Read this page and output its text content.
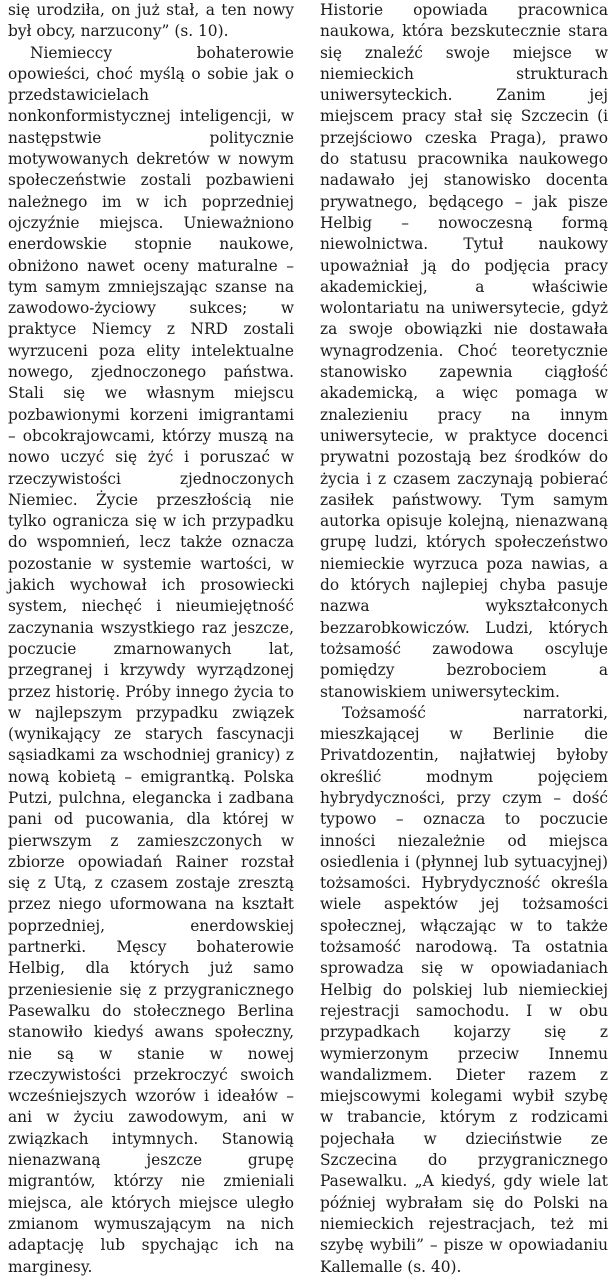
się urodziła, on już stał, a ten nowy był obcy, narzucony” (s. 10).

Niemieccy bohaterowie opowieści, choć myślą o sobie jak o przedstawicielach nonkonformistycznej inteligencji, w następstwie politycznie motywowanych dekretów w nowym społeczeństwie zostali pozbawieni należnego im w ich poprzedniej ojczyźnie miejsca. Unieważniono enerdowskie stopnie naukowe, obniżono nawet oceny maturalne – tym samym zmniejszając szanse na zawodowo-życiowy sukces; w praktyce Niemcy z NRD zostali wyrzuceni poza elity intelektualne nowego, zjednoczonego państwa. Stali się we własnym miejscu pozbawionymi korzeni imigrantami – obcokrajowcami, którzy muszą na nowo uczyć się żyć i poruszać w rzeczywistości zjednoczonych Niemiec. Życie przeszłością nie tylko ogranicza się w ich przypadku do wspomnień, lecz także oznacza pozostanie w systemie wartości, w jakich wychował ich prosowiecki system, niechęć i nieumiejętność zaczynania wszystkiego raz jeszcze, poczucie zmarnowanych lat, przegranej i krzywdy wyrządzonej przez historię. Próby innego życia to w najlepszym przypadku związek (wynikający ze starych fascynacji sąsiadkami za wschodniej granicy) z nową kobietą – emigrantką. Polska Putzi, pulchna, elegancka i zadbana pani od pucowania, dla której w pierwszym z zamieszczonych w zbiorze opowiadań Rainer rozstał się z Utą, z czasem zostaje zresztą przez niego uformowana na kształt poprzedniej, enerdowskiej partnerki. Męscy bohaterowie Helbig, dla których już samo przeniesienie się z przygranicznego Pasewalku do stołecznego Berlina stanowiło kiedyś awans społeczny, nie są w stanie w nowej rzeczywistości przekroczyć swoich wcześniejszych wzorów i ideałów – ani w życiu zawodowym, ani w związkach intymnych. Stanowią nienazwaną jeszcze grupę migrantów, którzy nie zmieniali miejsca, ale których miejsce uległo zmianom wymuszającym na nich adaptację lub spychając ich na marginesy.

Historie opowiada pracownica naukowa, która bezskutecznie stara się znaleźć swoje miejsce w niemieckich strukturach uniwersyteckich. Zanim jej miejscem pracy stał się Szczecin (i przejściowo czeska Praga), prawo do statusu pracownika naukowego nadawało jej stanowisko docenta prywatnego, będącego – jak pisze Helbig – nowoczesną formą niewolnictwa. Tytuł naukowy upoważniał ją do podjęcia pracy akademickiej, a właściwie wolontariatu na uniwersytecie, gdyż za swoje obowiązki nie dostawała wynagrodzenia. Choć teoretycznie stanowisko zapewnia ciągłość akademicką, a więc pomaga w znalezieniu pracy na innym uniwersytecie, w praktyce docenci prywatni pozostają bez środków do życia i z czasem zaczynają pobierać zasiłek państwowy. Tym samym autorka opisuje kolejną, nienazwaną grupę ludzi, których społeczeństwo niemieckie wyrzuca poza nawias, a do których najlepiej chyba pasuje nazwa wykształconych bezzarobkowiczów. Ludzi, których tożsamość zawodowa oscyluje pomiędzy bezrobociem a stanowiskiem uniwersyteckim.

Tożsamość narratorki, mieszkającej w Berlinie die Privatdozentin, najłatwiej byłoby określić modnym pojęciem hybrydyczności, przy czym – dość typowo – oznacza to poczucie inności niezależnie od miejsca osiedlenia i (płynnej lub sytuacyjnej) tożsamości. Hybrydyczność określa wiele aspektów jej tożsamości społecznej, włączając w to także tożsamość narodową. Ta ostatnia sprowadza się w opowiadaniach Helbig do polskiej lub niemieckiej rejestracji samochodu. I w obu przypadkach kojarzy się z wymierzonym przeciw Innemu wandalizmem. Dieter razem z miejscowymi kolegami wybił szybę w trabancie, którym z rodzicami pojechała w dzieciństwie ze Szczecina do przygranicznego Pasewalku. „A kiedyś, gdy wiele lat później wybrałam się do Polski na niemieckich rejestracjach, też mi szybę wybili” – pisze w opowiadaniu Kallemalle (s. 40).
